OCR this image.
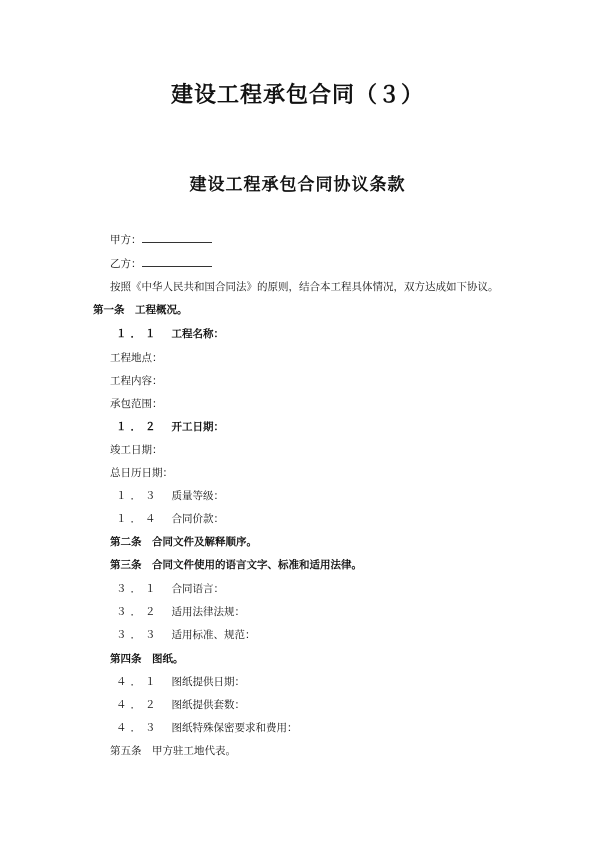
建设工程承包合同（３）
建设工程承包合同协议条款
甲方：
乙方：
按照《中华人民共和国合同法》的原则，结合本工程具体情况，双方达成如下协议。
第一条　工程概况。
１．１ 工程名称：
工程地点：
工程内容：
承包范围：
１．２ 开工日期：
竣工日期：
总日历日期：
１．３ 质量等级：
１．４ 合同价款：
第二条　合同文件及解释顺序。
第三条　合同文件使用的语言文字、标准和适用法律。
３．１ 合同语言：
３．２ 适用法律法规：
３．３ 适用标准、规范：
第四条　图纸。
４．１ 图纸提供日期：
４．２ 图纸提供套数：
４．３ 图纸特殊保密要求和费用：
第五条　甲方驻工地代表。
